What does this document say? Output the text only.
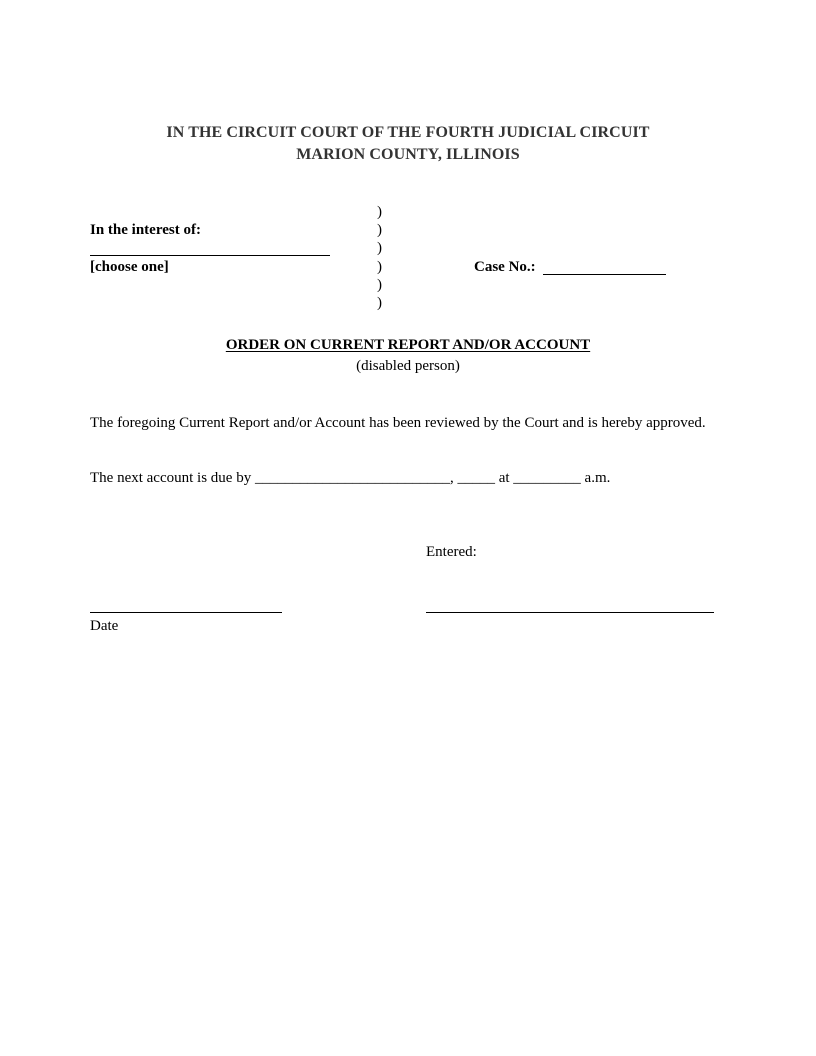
IN THE CIRCUIT COURT OF THE FOURTH JUDICIAL CIRCUIT
MARION COUNTY, ILLINOIS
In the interest of:
[choose one]
)
)
)
)
)
)
Case No.:
ORDER ON CURRENT REPORT AND/OR ACCOUNT
(disabled person)
The foregoing Current Report and/or Account has been reviewed by the Court and is hereby approved.
The next account is due by __________________________, _____ at _________ a.m.
Entered:
Date
